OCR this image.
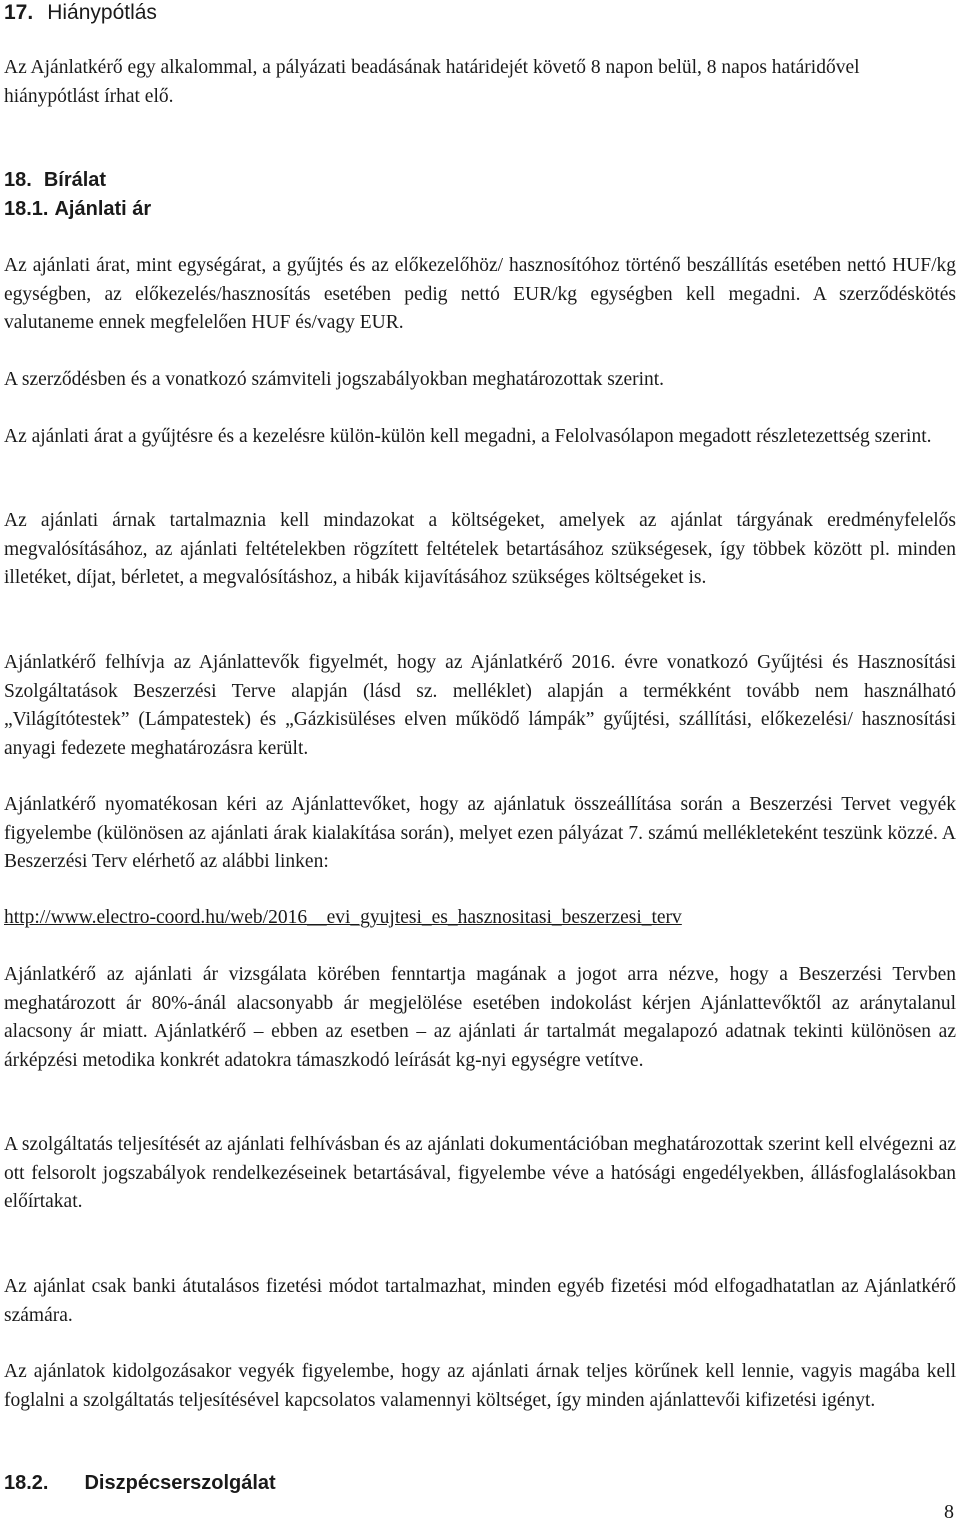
17. Hiánypótlás

Az Ajánlatkérő egy alkalommal, a pályázati beadásának határidejét követő 8 napon belül, 8 napos határidővel hiánypótlást írhat elő.

18. Bírálat
18.1. Ajánlati ár

Az ajánlati árat, mint egységárat, a gyűjtés és az előkezelőhöz/ hasznosítóhoz történő beszállítás esetében nettó HUF/kg egységben, az előkezelés/hasznosítás esetében pedig nettó EUR/kg egységben kell megadni. A szerződéskötés valutaneme ennek megfelelően HUF és/vagy EUR.

A szerződésben és a vonatkozó számviteli jogszabályokban meghatározottak szerint.

Az ajánlati árat a gyűjtésre és a kezelésre külön-külön kell megadni, a Felolvasólapon megadott részletezettség szerint.

Az ajánlati árnak tartalmaznia kell mindazokat a költségeket, amelyek az ajánlat tárgyának eredményfelelős megvalósításához, az ajánlati feltételekben rögzített feltételek betartásához szükségesek, így többek között pl. minden illetéket, díjat, bérletet, a megvalósításhoz, a hibák kijavításához szükséges költségeket is.

Ajánlatkérő felhívja az Ajánlattevők figyelmét, hogy az Ajánlatkérő 2016. évre vonatkozó Gyűjtési és Hasznosítási Szolgáltatások Beszerzési Terve alapján (lásd sz. melléklet) alapján a termékként tovább nem használható „Világítótestek” (Lámpatestek) és „Gázkisüléses elven működő lámpák” gyűjtési, szállítási, előkezelési/ hasznosítási anyagi fedezete meghatározásra került.

Ajánlatkérő nyomatékosan kéri az Ajánlattevőket, hogy az ajánlatuk összeállítása során a Beszerzési Tervet vegyék figyelembe (különösen az ajánlati árak kialakítása során), melyet ezen pályázat 7. számú mellékleteként teszünk közzé. A Beszerzési Terv elérhető az alábbi linken:

http://www.electro-coord.hu/web/2016__evi_gyujtesi_es_hasznositasi_beszerzesi_terv

Ajánlatkérő az ajánlati ár vizsgálata körében fenntartja magának a jogot arra nézve, hogy a Beszerzési Tervben meghatározott ár 80%-ánál alacsonyabb ár megjelölése esetében indokolást kérjen Ajánlattevőktől az aránytalanul alacsony ár miatt. Ajánlatkérő – ebben az esetben – az ajánlati ár tartalmát megalapozó adatnak tekinti különösen az árképzési metodika konkrét adatokra támaszkodó leírását kg-nyi egységre vetítve.

A szolgáltatás teljesítését az ajánlati felhívásban és az ajánlati dokumentációban meghatározottak szerint kell elvégezni az ott felsorolt jogszabályok rendelkezéseinek betartásával, figyelembe véve a hatósági engedélyekben, állásfoglalásokban előírtakat.

Az ajánlat csak banki átutalásos fizetési módot tartalmazhat, minden egyéb fizetési mód elfogadhatatlan az Ajánlatkérő számára.

Az ajánlatok kidolgozásakor vegyék figyelembe, hogy az ajánlati árnak teljes körűnek kell lennie, vagyis magába kell foglalni a szolgáltatás teljesítésével kapcsolatos valamennyi költséget, így minden ajánlattevői kifizetési igényt.

18.2. Diszpécserszolgálat
8
